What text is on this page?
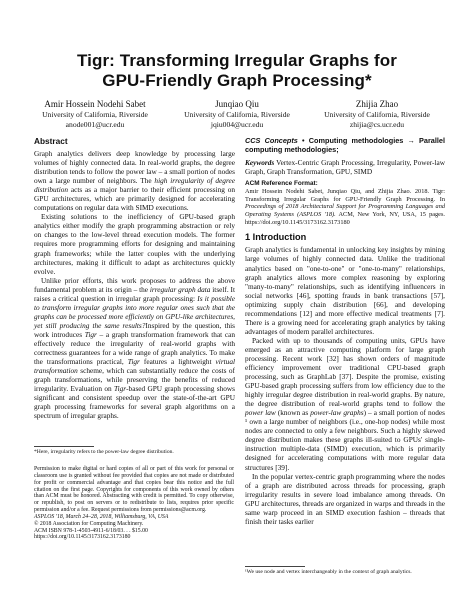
Tigr: Transforming Irregular Graphs for
GPU-Friendly Graph Processing*
Amir Hossein Nodehi Sabet
University of California, Riverside
anode001@ucr.edu
Junqiao Qiu
University of California, Riverside
jqiu004@ucr.edu
Zhijia Zhao
University of California, Riverside
zhijia@cs.ucr.edu
Abstract

Graph analytics delivers deep knowledge by processing large volumes of highly connected data. In real-world graphs, the degree distribution tends to follow the power law – a small portion of nodes own a large number of neighbors. The high irregularity of degree distribution acts as a major barrier to their efficient processing on GPU architectures, which are primarily designed for accelerating computations on regular data with SIMD executions.

Existing solutions to the inefficiency of GPU-based graph analytics either modify the graph programming abstraction or rely on changes to the low-level thread execution models. The former requires more programming efforts for designing and maintaining graph frameworks; while the latter couples with the underlying architectures, making it difficult to adapt as architectures quickly evolve.

Unlike prior efforts, this work proposes to address the above fundamental problem at its origin – the irregular graph data itself. It raises a critical question in irregular graph processing: Is it possible to transform irregular graphs into more regular ones such that the graphs can be processed more efficiently on GPU-like architectures, yet still producing the same results?Inspired by the question, this work introduces Tigr – a graph transformation framework that can effectively reduce the irregularity of real-world graphs with correctness guarantees for a wide range of graph analytics. To make the transformations practical, Tigr features a lightweight virtual transformation scheme, which can substantially reduce the costs of graph transformations, while preserving the benefits of reduced irregularity. Evaluation on Tigr-based GPU graph processing shows significant and consistent speedup over the state-of-the-art GPU graph processing frameworks for several graph algorithms on a spectrum of irregular graphs.

*Here, irregularity refers to the power-law degree distribution.
Permission to make digital or hard copies of all or part of this work for personal or classroom use is granted without fee provided that copies are not made or distributed for profit or commercial advantage and that copies bear this notice and the full citation on the first page. Copyrights for components of this work owned by others than ACM must be honored. Abstracting with credit is permitted. To copy otherwise, or republish, to post on servers or to redistribute to lists, requires prior specific permission and/or a fee. Request permissions from permissions@acm.org.
ASPLOS '18, March 24–28, 2018, Williamsburg, VA, USA
© 2018 Association for Computing Machinery.
ACM ISBN 978-1-4503-4911-6/18/03. . . $15.00
https://doi.org/10.1145/3173162.3173180

CCS Concepts • Computing methodologies → Parallel computing methodologies;

Keywords Vertex-Centric Graph Processing, Irregularity, Power-law Graph, Graph Transformation, GPU, SIMD

ACM Reference Format:
Amir Hossein Nodehi Sabet, Junqiao Qiu, and Zhijia Zhao. 2018. Tigr: Transforming Irregular Graphs for GPU-Friendly Graph Processing. In Proceedings of 2018 Architectural Support for Programming Languages and Operating Systems (ASPLOS '18). ACM, New York, NY, USA, 15 pages. https://doi.org/10.1145/3173162.3173180
1 Introduction

Graph analytics is fundamental in unlocking key insights by mining large volumes of highly connected data. Unlike the traditional analytics based on "one-to-one" or "one-to-many" relationships, graph analytics allows more complex reasoning by exploring "many-to-many" relationships, such as identifying influencers in social networks [46], spotting frauds in bank transactions [57], optimizing supply chain distribution [66], and developing recommendations [12] and more effective medical treatments [7]. There is a growing need for accelerating graph analytics by taking advantages of modern parallel architectures.

Packed with up to thousands of computing units, GPUs have emerged as an attractive computing platform for large graph processing. Recent work [32] has shown orders of magnitude efficiency improvement over traditional CPU-based graph processing, such as GraphLab [37]. Despite the promise, existing GPU-based graph processing suffers from low efficiency due to the highly irregular degree distribution in real-world graphs. By nature, the degree distribution of real-world graphs tend to follow the power law (known as power-law graphs) – a small portion of nodes ¹ own a large number of neighbors (i.e., one-hop nodes) while most nodes are connected to only a few neighbors. Such a highly skewed degree distribution makes these graphs ill-suited to GPUs' single-instruction multiple-data (SIMD) execution, which is primarily designed for accelerating computations with more regular data structures [39].

In the popular vertex-centric graph programming where the nodes of a graph are distributed across threads for processing, graph irregularity results in severe load imbalance among threads. On GPU architectures, threads are organized in warps and threads in the same warp proceed in an SIMD execution fashion – threads that finish their tasks earlier

¹We use node and vertex interchangeably in the context of graph analytics.
